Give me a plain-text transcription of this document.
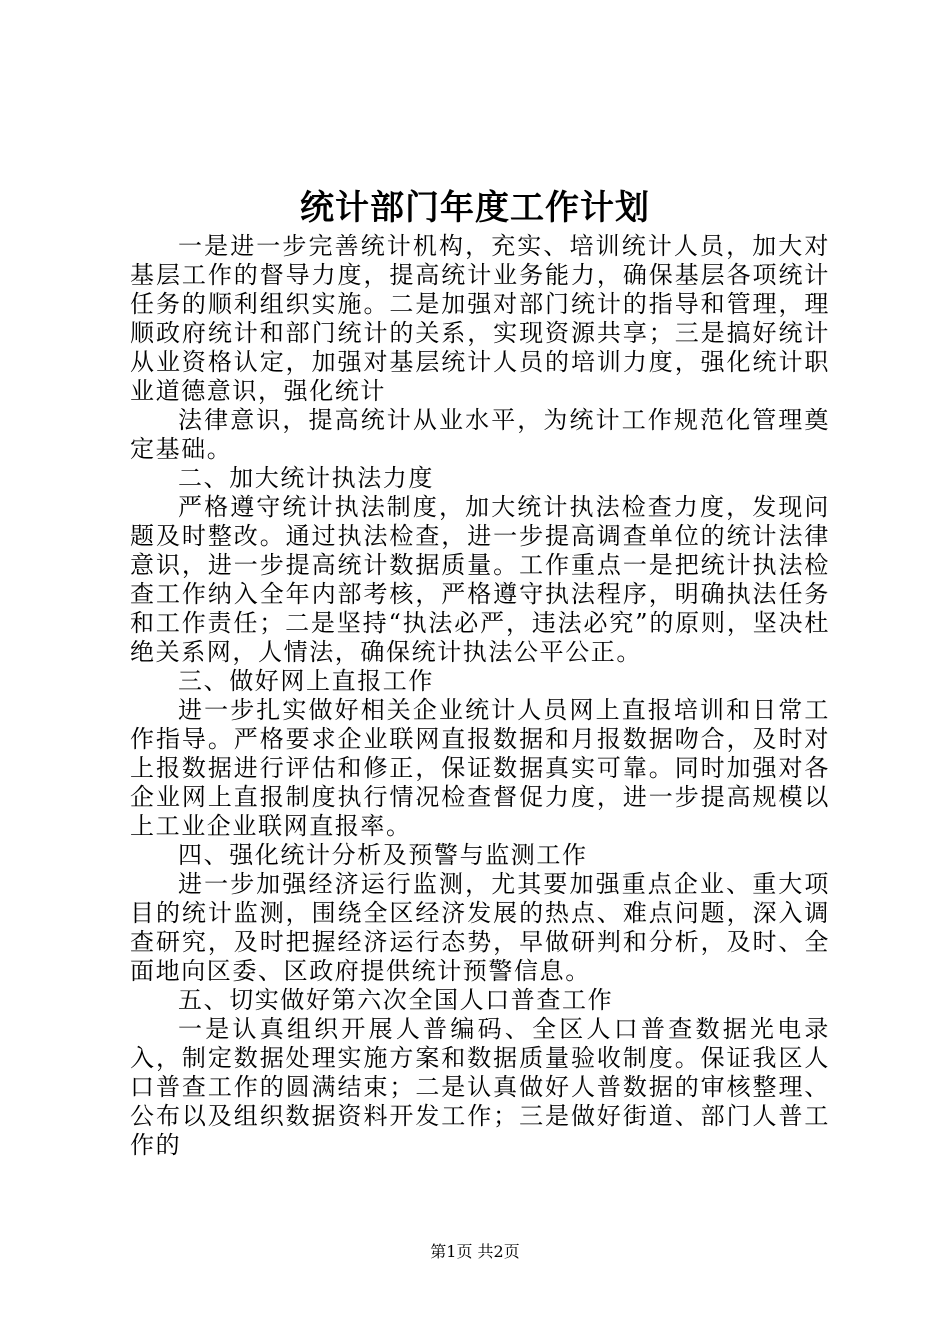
统计部门年度工作计划

一是进一步完善统计机构，充实、培训统计人员，加大对基层工作的督导力度，提高统计业务能力，确保基层各项统计任务的顺利组织实施。二是加强对部门统计的指导和管理，理顺政府统计和部门统计的关系，实现资源共享；三是搞好统计从业资格认定，加强对基层统计人员的培训力度，强化统计职业道德意识，强化统计

法律意识，提高统计从业水平，为统计工作规范化管理奠定基础。

二、加大统计执法力度

严格遵守统计执法制度，加大统计执法检查力度，发现问题及时整改。通过执法检查，进一步提高调查单位的统计法律意识，进一步提高统计数据质量。工作重点一是把统计执法检查工作纳入全年内部考核，严格遵守执法程序，明确执法任务和工作责任；二是坚持“执法必严，违法必究”的原则，坚决杜绝关系网，人情法，确保统计执法公平公正。

三、做好网上直报工作

进一步扎实做好相关企业统计人员网上直报培训和日常工作指导。严格要求企业联网直报数据和月报数据吻合，及时对上报数据进行评估和修正，保证数据真实可靠。同时加强对各企业网上直报制度执行情况检查督促力度，进一步提高规模以上工业企业联网直报率。

四、强化统计分析及预警与监测工作

进一步加强经济运行监测，尤其要加强重点企业、重大项目的统计监测，围绕全区经济发展的热点、难点问题，深入调查研究，及时把握经济运行态势，早做研判和分析，及时、全面地向区委、区政府提供统计预警信息。

五、切实做好第六次全国人口普查工作

一是认真组织开展人普编码、全区人口普查数据光电录入，制定数据处理实施方案和数据质量验收制度。保证我区人口普查工作的圆满结束；二是认真做好人普数据的审核整理、公布以及组织数据资料开发工作；三是做好街道、部门人普工作的

第1页 共2页
